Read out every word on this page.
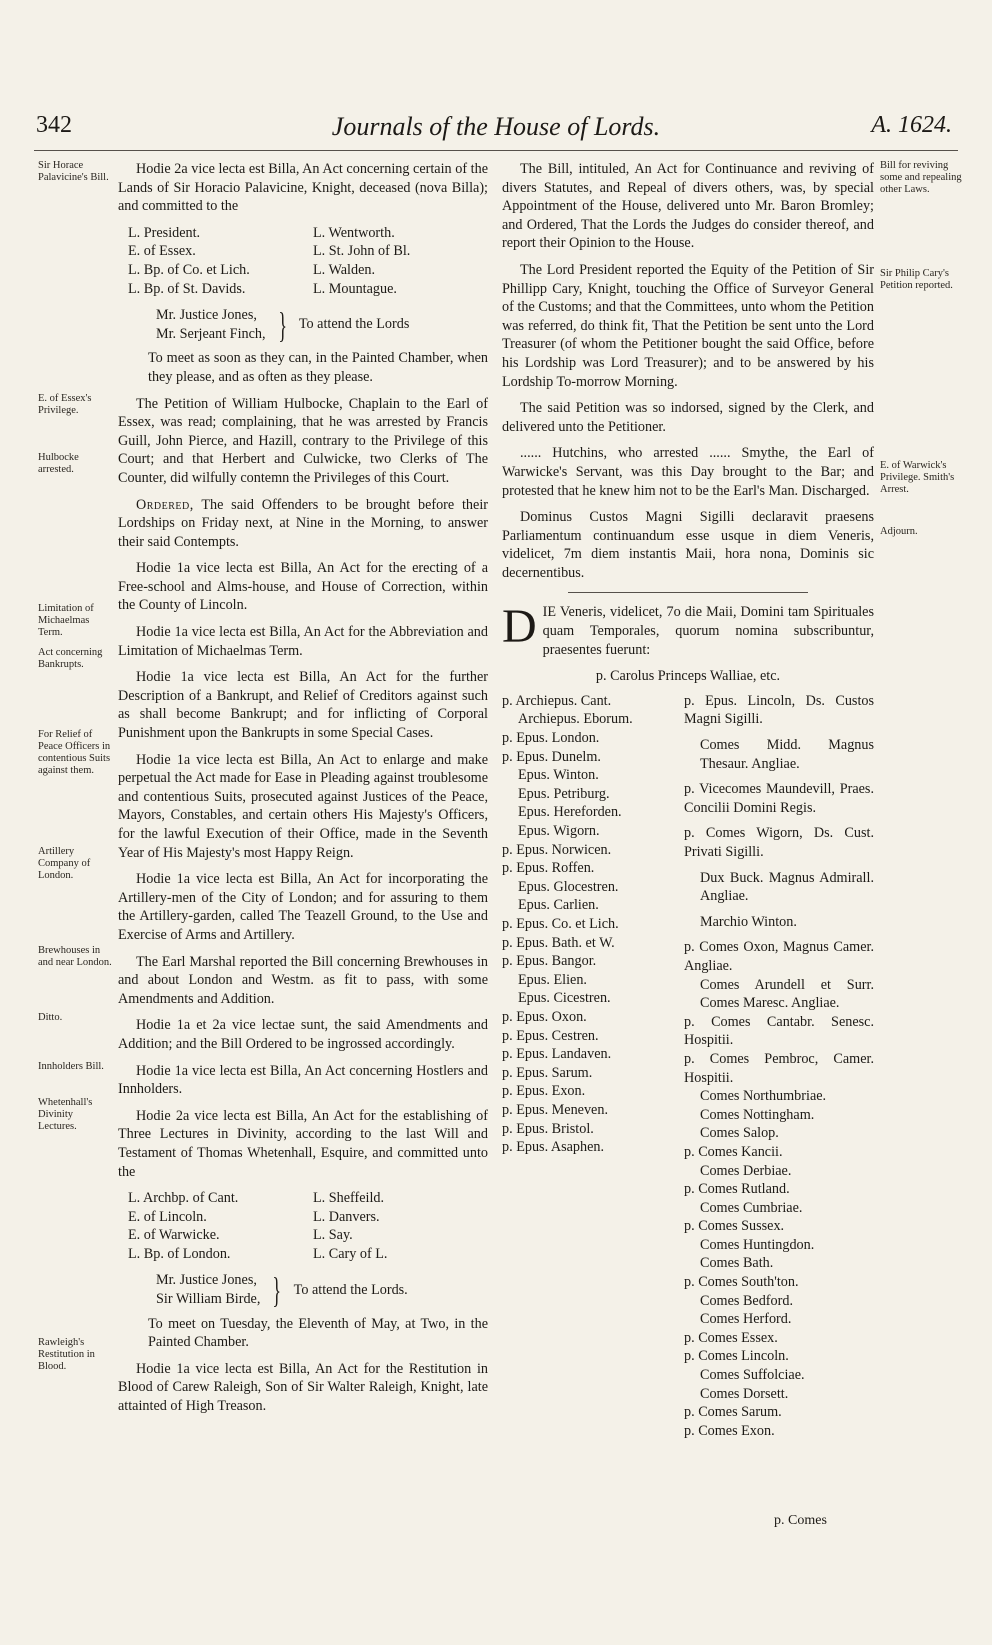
342	Journals of the House of Lords.	A. 1624.
Sir Horace Palavicine's Bill.
E. of Essex's Privilege.
Hulbocke arrested.
Limitation of Michaelmas Term.
Act concerning Bankrupts.
For Relief of Peace Officers in contentious Suits against them.
Artillery Company of London.
Brewhouses in and near London.
Ditto.
Innholders Bill.
Whetenhall's Divinity Lectures.
Rawleigh's Restitution in Blood.
Bill for reviving some and repealing other Laws.
Sir Philip Cary's Petition reported.
E. of Warwick's Privilege. Smith's Arrest.
Adjourn.

Hodie 2a vice lecta est Billa, An Act concerning certain of the Lands of Sir Horacio Palavicine, Knight, deceased (nova Billa); and committed to the

L. President.	L. Wentworth.
E. of Essex.	L. St. John of Bl.
L. Bp. of Co. et Lich.	L. Walden.
L. Bp. of St. Davids.	L. Mountague.
Mr. Justice Jones,
Mr. Serjeant Finch, } To attend the Lords

To meet as soon as they can, in the Painted Chamber, when they please, and as often as they please.

The Petition of William Hulbocke, Chaplain to the Earl of Essex, was read; complaining, that he was arrested by Francis Guill, John Pierce, and Hazill, contrary to the Privilege of this Court; and that Herbert and Culwicke, two Clerks of The Counter, did wilfully contemn the Privileges of this Court.

Ordered, The said Offenders to be brought before their Lordships on Friday next, at Nine in the Morning, to answer their said Contempts.

Hodie 1a vice lecta est Billa, An Act for the erecting of a Free-school and Alms-house, and House of Correction, within the County of Lincoln.

Hodie 1a vice lecta est Billa, An Act for the Abbreviation and Limitation of Michaelmas Term.

Hodie 1a vice lecta est Billa, An Act for the further Description of a Bankrupt, and Relief of Creditors against such as shall become Bankrupt; and for inflicting of Corporal Punishment upon the Bankrupts in some Special Cases.

Hodie 1a vice lecta est Billa, An Act to enlarge and make perpetual the Act made for Ease in Pleading against troublesome and contentious Suits, prosecuted against Justices of the Peace, Mayors, Constables, and certain others His Majesty's Officers, for the lawful Execution of their Office, made in the Seventh Year of His Majesty's most Happy Reign.

Hodie 1a vice lecta est Billa, An Act for incorporating the Artillery-men of the City of London; and for assuring to them the Artillery-garden, called The Teazell Ground, to the Use and Exercise of Arms and Artillery.

The Earl Marshal reported the Bill concerning Brewhouses in and about London and Westm. as fit to pass, with some Amendments and Addition.

Hodie 1a et 2a vice lectae sunt, the said Amendments and Addition; and the Bill Ordered to be ingrossed accordingly.

Hodie 1a vice lecta est Billa, An Act concerning Hostlers and Innholders.

Hodie 2a vice lecta est Billa, An Act for the establishing of Three Lectures in Divinity, according to the last Will and Testament of Thomas Whetenhall, Esquire, and committed unto the

L. Archbp. of Cant.	L. Sheffeild.
E. of Lincoln.	L. Danvers.
E. of Warwicke.	L. Say.
L. Bp. of London.	L. Cary of L.
Mr. Justice Jones,
Sir William Birde, } To attend the Lords.

To meet on Tuesday, the Eleventh of May, at Two, in the Painted Chamber.

Hodie 1a vice lecta est Billa, An Act for the Restitution in Blood of Carew Raleigh, Son of Sir Walter Raleigh, Knight, late attainted of High Treason.

The Bill, intituled, An Act for Continuance and reviving of divers Statutes, and Repeal of divers others, was, by special Appointment of the House, delivered unto Mr. Baron Bromley; and Ordered, That the Lords the Judges do consider thereof, and report their Opinion to the House.

The Lord President reported the Equity of the Petition of Sir Phillipp Cary, Knight, touching the Office of Surveyor General of the Customs; and that the Committees, unto whom the Petition was referred, do think fit, That the Petition be sent unto the Lord Treasurer (of whom the Petitioner bought the said Office, before his Lordship was Lord Treasurer); and to be answered by his Lordship To-morrow Morning.

The said Petition was so indorsed, signed by the Clerk, and delivered unto the Petitioner.

...... Hutchins, who arrested ...... Smythe, the Earl of Warwicke's Servant, was this Day brought to the Bar; and protested that he knew him not to be the Earl's Man. Discharged.

Dominus Custos Magni Sigilli declaravit praesens Parliamentum continuandum esse usque in diem Veneris, videlicet, 7m diem instantis Maii, hora nona, Dominis sic decernentibus.

DIE Veneris, videlicet, 7o die Maii, Domini tam Spirituales quam Temporales, quorum nomina subscribuntur, praesentes fuerunt:

p. Carolus Princeps Walliae, etc.
p. Archiepus. Cant.
Archiepus. Eborum.
p. Epus. London.
p. Epus. Dunelm.
Epus. Winton.
Epus. Petriburg.
Epus. Hereforden.
Epus. Wigorn.
p. Epus. Norwicen.
p. Epus. Roffen.
Epus. Glocestren.
Epus. Carlien.
p. Epus. Co. et Lich.
p. Epus. Bath. et W.
p. Epus. Bangor.
Epus. Elien.
Epus. Cicestren.
p. Epus. Oxon.
p. Epus. Cestren.
p. Epus. Landaven.
p. Epus. Sarum.
p. Epus. Exon.
p. Epus. Meneven.
p. Epus. Bristol.
p. Epus. Asaphen.
p. Epus. Lincoln, Ds. Custos Magni Sigilli.
Comes Midd. Magnus Thesaur. Angliae.
p. Vicecomes Maundevill, Praes. Concilii Domini Regis.
p. Comes Wigorn, Ds. Cust. Privati Sigilli.
Dux Buck. Magnus Admirall. Angliae.
Marchio Winton.
p. Comes Oxon, Magnus Camer. Angliae.
Comes Arundell et Surr. Comes Maresc. Angliae.
p. Comes Cantabr. Senesc. Hospitii.
p. Comes Pembroc, Camer. Hospitii.
Comes Northumbriae.
Comes Nottingham.
Comes Salop.
p. Comes Kancii.
Comes Derbiae.
p. Comes Rutland.
Comes Cumbriae.
p. Comes Sussex.
Comes Huntingdon.
Comes Bath.
p. Comes South'ton.
Comes Bedford.
Comes Herford.
p. Comes Essex.
p. Comes Lincoln.
Comes Suffolciae.
Comes Dorsett.
p. Comes Sarum.
p. Comes Exon.
p. Comes
